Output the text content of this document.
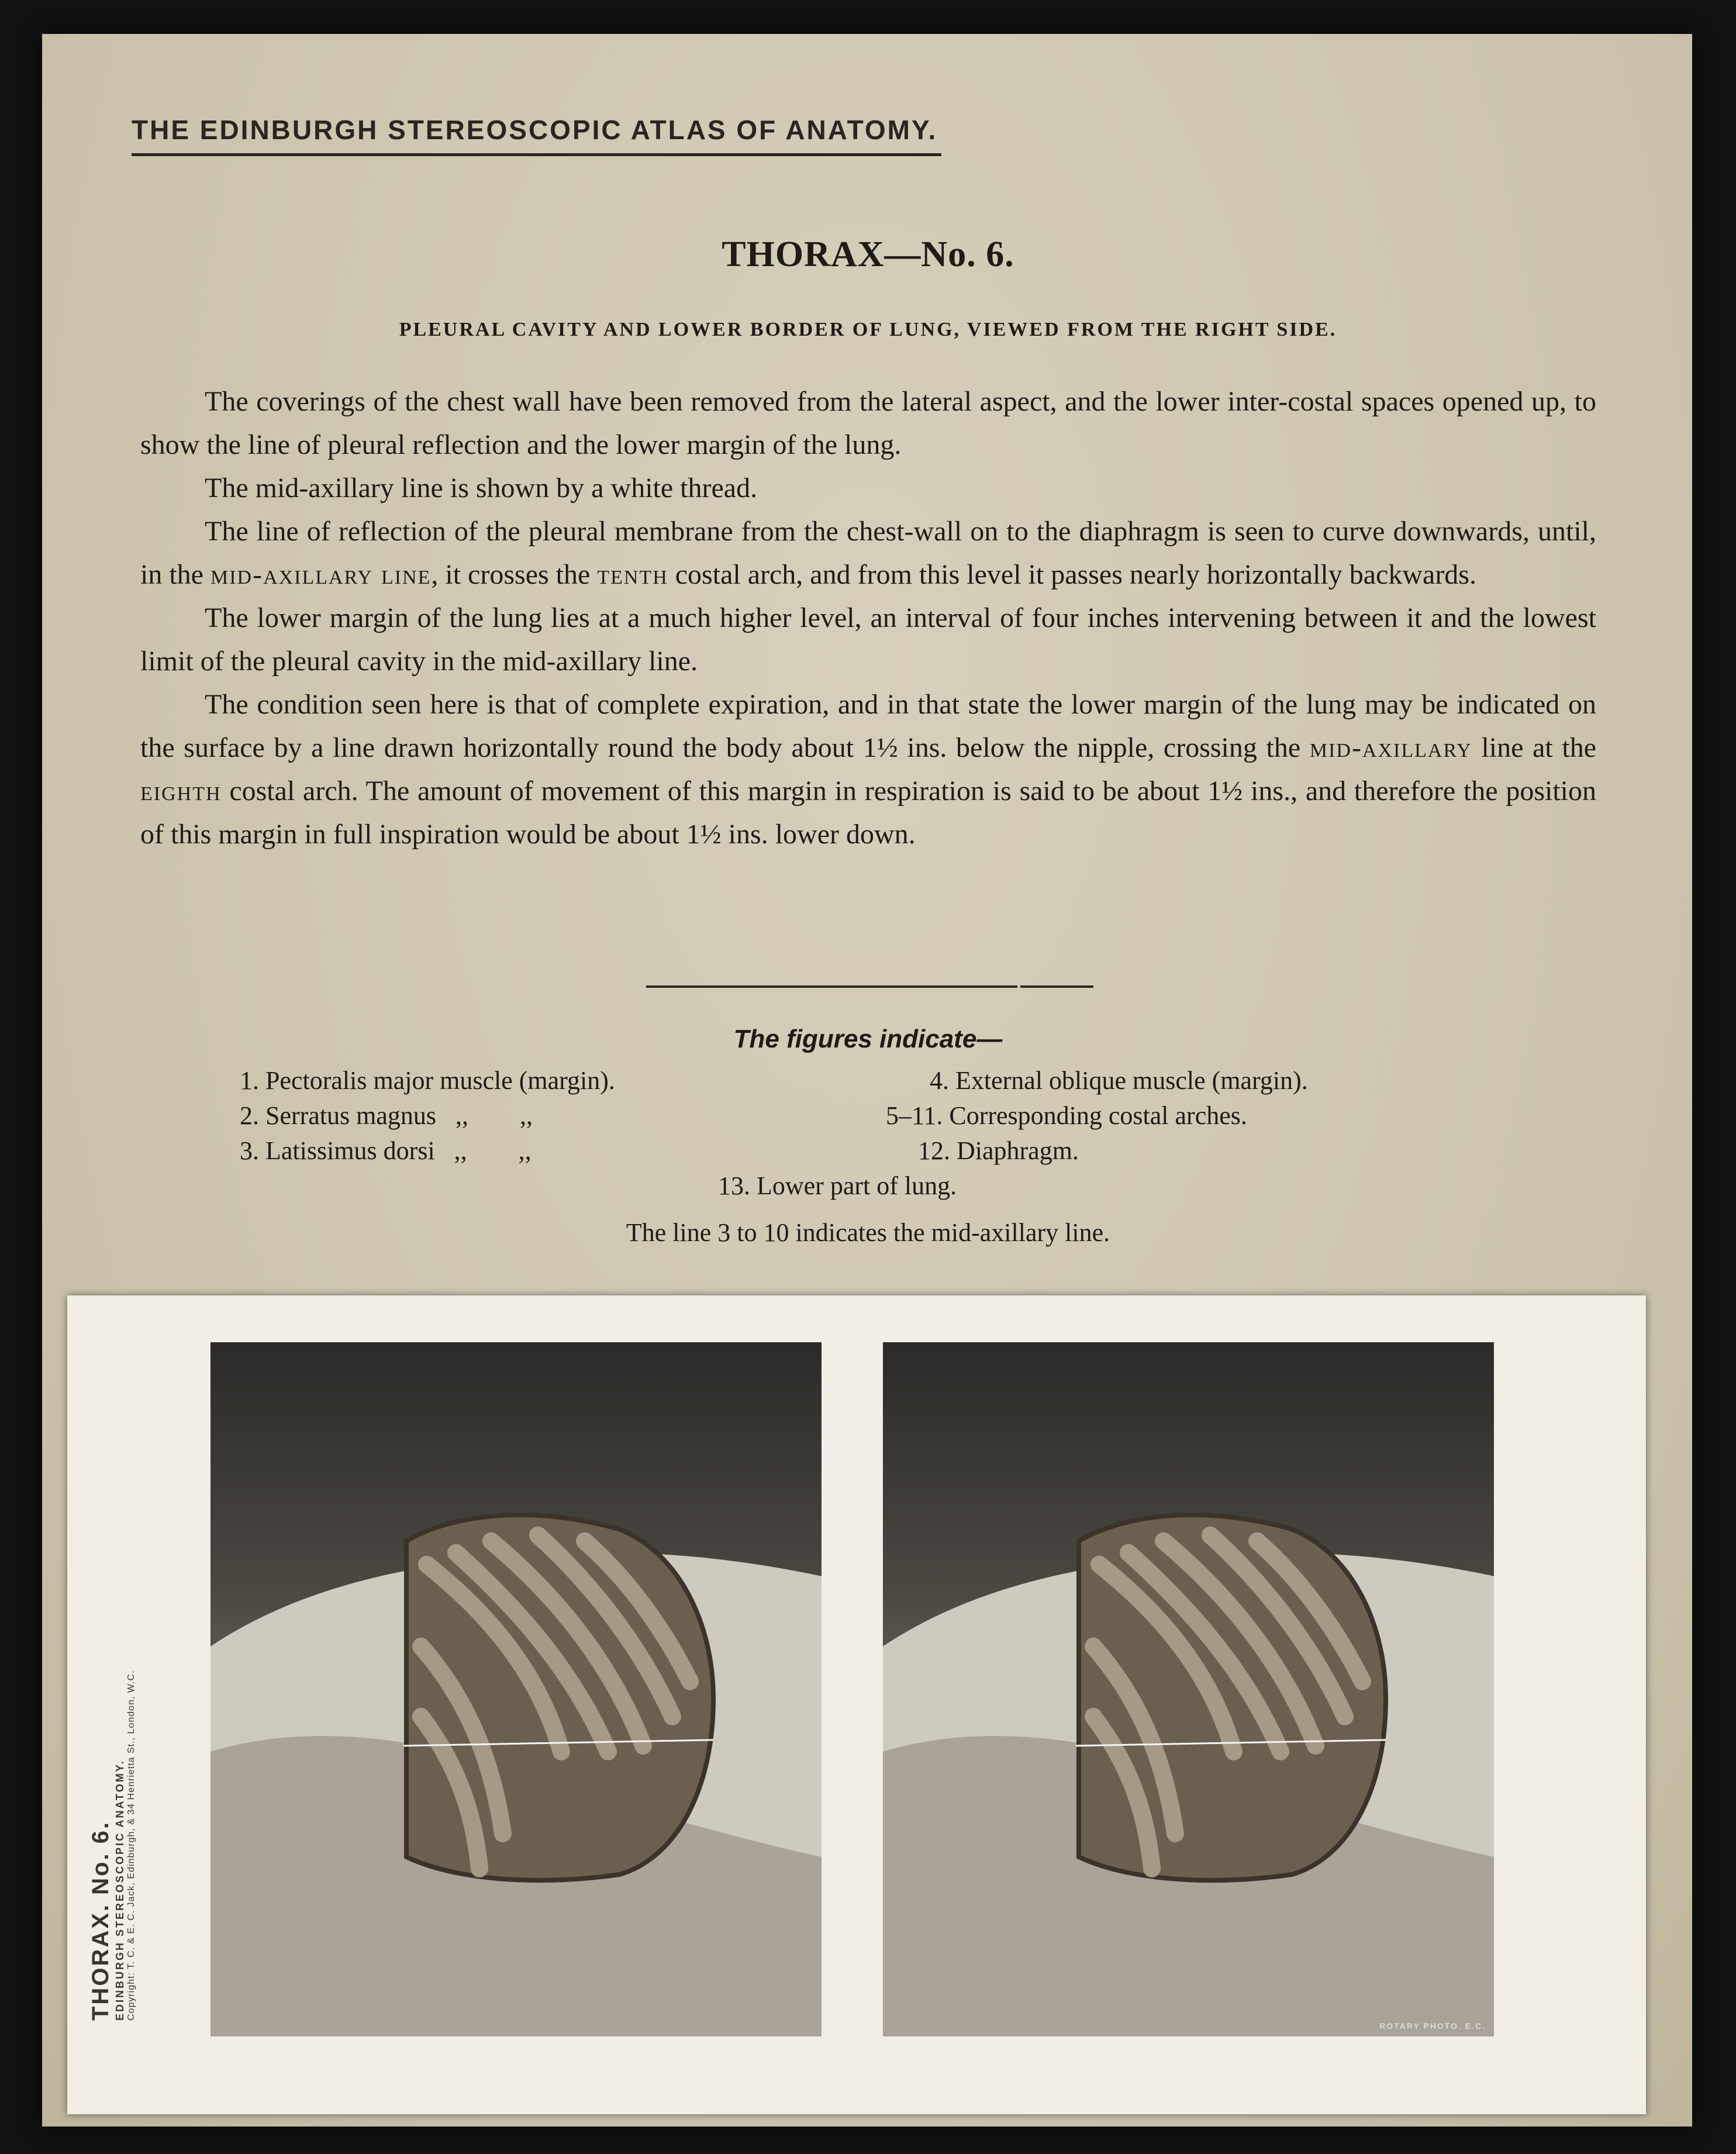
THE EDINBURGH STEREOSCOPIC ATLAS OF ANATOMY.
THORAX—No. 6.
PLEURAL CAVITY AND LOWER BORDER OF LUNG, VIEWED FROM THE RIGHT SIDE.

The coverings of the chest wall have been removed from the lateral aspect, and the lower inter-costal spaces opened up, to show the line of pleural reflection and the lower margin of the lung.

The mid-axillary line is shown by a white thread.

The line of reflection of the pleural membrane from the chest-wall on to the diaphragm is seen to curve downwards, until, in the mid-axillary line, it crosses the tenth costal arch, and from this level it passes nearly horizontally backwards.

The lower margin of the lung lies at a much higher level, an interval of four inches intervening between it and the lowest limit of the pleural cavity in the mid-axillary line.

The condition seen here is that of complete expiration, and in that state the lower margin of the lung may be indicated on the surface by a line drawn horizontally round the body about 1½ ins. below the nipple, crossing the mid-axillary line at the eighth costal arch. The amount of movement of this margin in respiration is said to be about 1½ ins., and therefore the position of this margin in full inspiration would be about 1½ ins. lower down.

The figures indicate—
1. Pectoralis major muscle (margin).
2. Serratus magnus   ,,        ,,
3. Latissimus dorsi   ,,        ,,
4. External oblique muscle (margin).
5–11. Corresponding costal arches.
12. Diaphragm.
13. Lower part of lung.
The line 3 to 10 indicates the mid-axillary line.
THORAX. No. 6. EDINBURGH STEREOSCOPIC ANATOMY. Copyright: T. C. & E. C. Jack, Edinburgh, & 34 Henrietta St., London, W.C.
ROTARY PHOTO. E.C.
